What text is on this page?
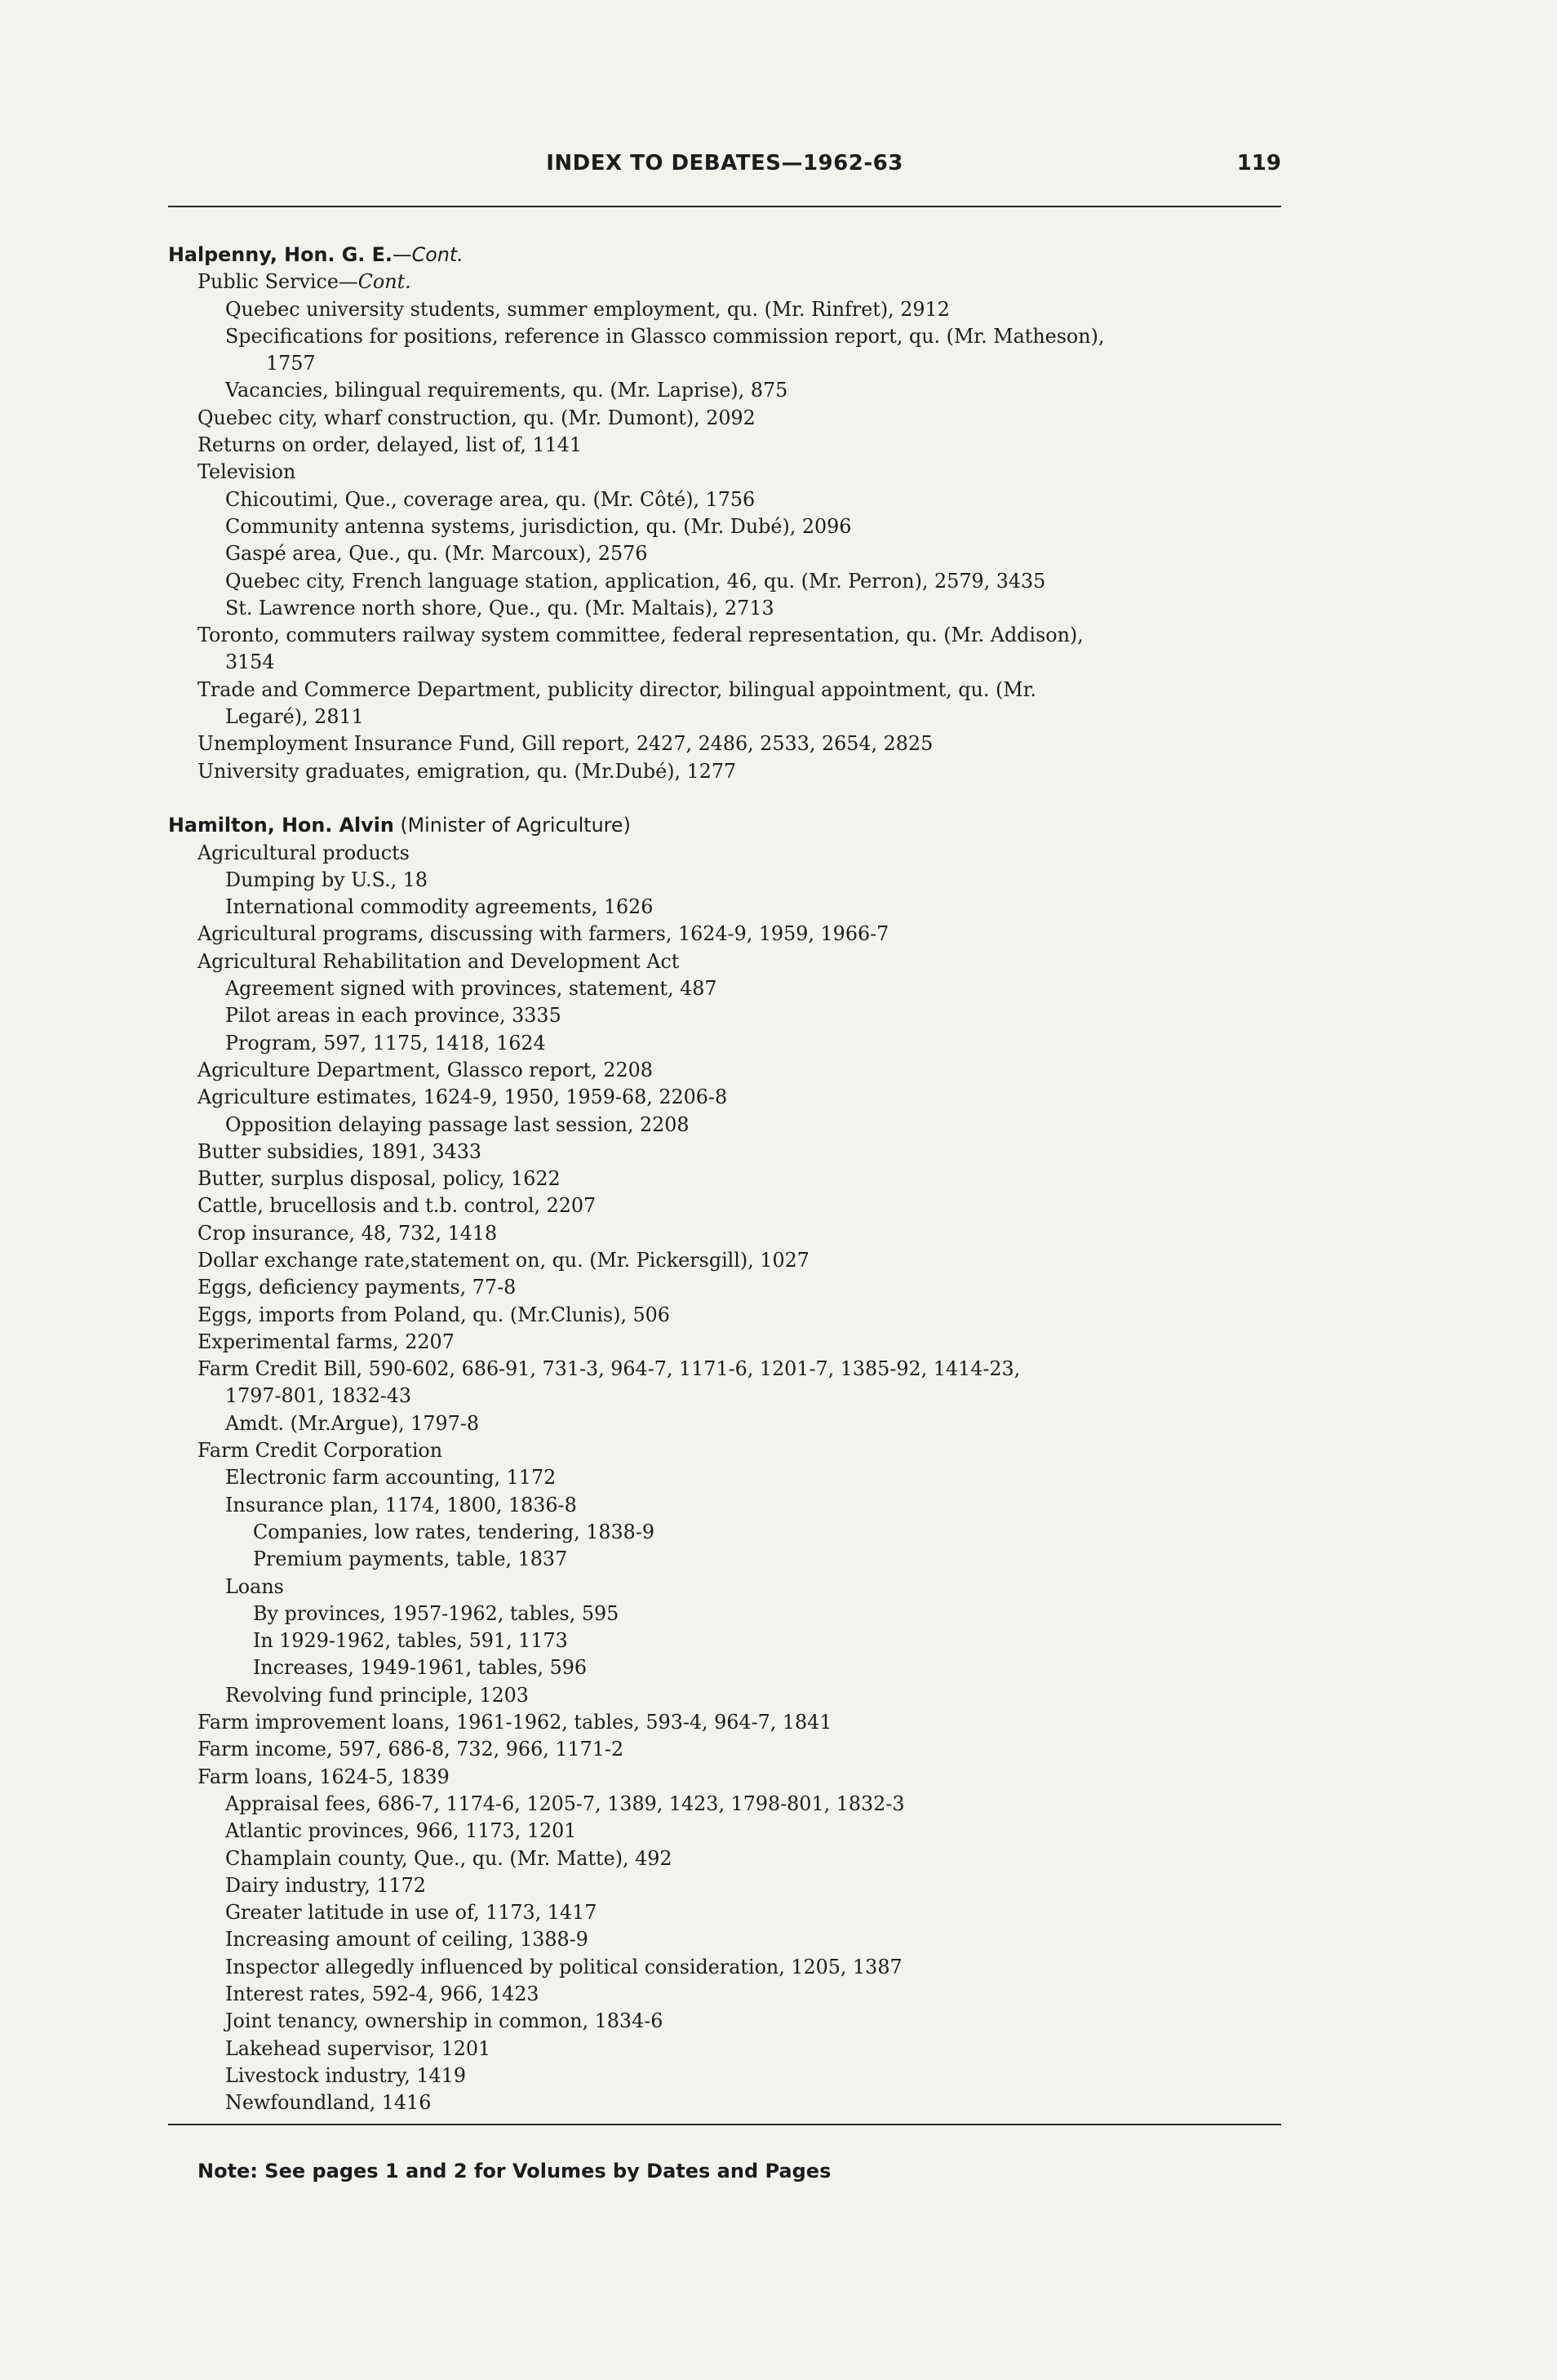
INDEX TO DEBATES—1962-63	119
Halpenny, Hon. G. E.—Cont.
Public Service—Cont.
Quebec university students, summer employment, qu. (Mr. Rinfret), 2912
Specifications for positions, reference in Glassco commission report, qu. (Mr. Matheson),
1757
Vacancies, bilingual requirements, qu. (Mr. Laprise), 875
Quebec city, wharf construction, qu. (Mr. Dumont), 2092
Returns on order, delayed, list of, 1141
Television
Chicoutimi, Que., coverage area, qu. (Mr. Côté), 1756
Community antenna systems, jurisdiction, qu. (Mr. Dubé), 2096
Gaspé area, Que., qu. (Mr. Marcoux), 2576
Quebec city, French language station, application, 46, qu. (Mr. Perron), 2579, 3435
St. Lawrence north shore, Que., qu. (Mr. Maltais), 2713
Toronto, commuters railway system committee, federal representation, qu. (Mr. Addison),
3154
Trade and Commerce Department, publicity director, bilingual appointment, qu. (Mr.
Legaré), 2811
Unemployment Insurance Fund, Gill report, 2427, 2486, 2533, 2654, 2825
University graduates, emigration, qu. (Mr.Dubé), 1277
Hamilton, Hon. Alvin (Minister of Agriculture)
Agricultural products
Dumping by U.S., 18
International commodity agreements, 1626
Agricultural programs, discussing with farmers, 1624-9, 1959, 1966-7
Agricultural Rehabilitation and Development Act
Agreement signed with provinces, statement, 487
Pilot areas in each province, 3335
Program, 597, 1175, 1418, 1624
Agriculture Department, Glassco report, 2208
Agriculture estimates, 1624-9, 1950, 1959-68, 2206-8
Opposition delaying passage last session, 2208
Butter subsidies, 1891, 3433
Butter, surplus disposal, policy, 1622
Cattle, brucellosis and t.b. control, 2207
Crop insurance, 48, 732, 1418
Dollar exchange rate,statement on, qu. (Mr. Pickersgill), 1027
Eggs, deficiency payments, 77-8
Eggs, imports from Poland, qu. (Mr.Clunis), 506
Experimental farms, 2207
Farm Credit Bill, 590-602, 686-91, 731-3, 964-7, 1171-6, 1201-7, 1385-92, 1414-23,
1797-801, 1832-43
Amdt. (Mr.Argue), 1797-8
Farm Credit Corporation
Electronic farm accounting, 1172
Insurance plan, 1174, 1800, 1836-8
Companies, low rates, tendering, 1838-9
Premium payments, table, 1837
Loans
By provinces, 1957-1962, tables, 595
In 1929-1962, tables, 591, 1173
Increases, 1949-1961, tables, 596
Revolving fund principle, 1203
Farm improvement loans, 1961-1962, tables, 593-4, 964-7, 1841
Farm income, 597, 686-8, 732, 966, 1171-2
Farm loans, 1624-5, 1839
Appraisal fees, 686-7, 1174-6, 1205-7, 1389, 1423, 1798-801, 1832-3
Atlantic provinces, 966, 1173, 1201
Champlain county, Que., qu. (Mr. Matte), 492
Dairy industry, 1172
Greater latitude in use of, 1173, 1417
Increasing amount of ceiling, 1388-9
Inspector allegedly influenced by political consideration, 1205, 1387
Interest rates, 592-4, 966, 1423
Joint tenancy, ownership in common, 1834-6
Lakehead supervisor, 1201
Livestock industry, 1419
Newfoundland, 1416
Note: See pages 1 and 2 for Volumes by Dates and Pages
